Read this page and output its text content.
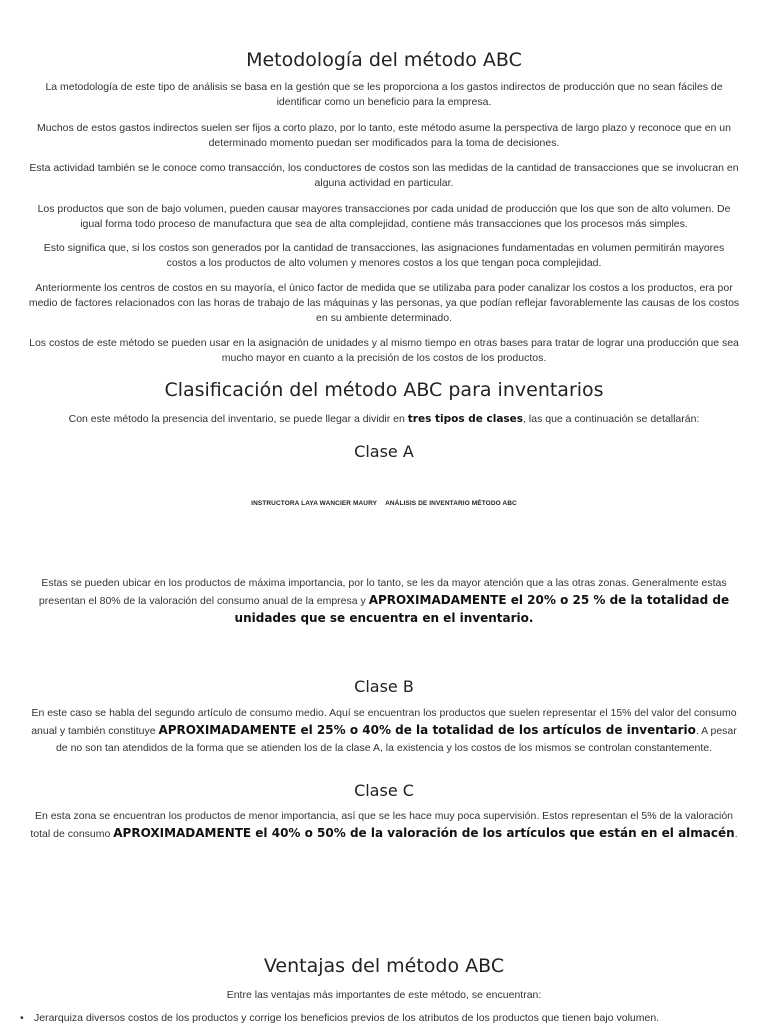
Metodología del método ABC

La metodología de este tipo de análisis se basa en la gestión que se les proporciona a los gastos indirectos de producción que no sean fáciles de identificar como un beneficio para la empresa.

Muchos de estos gastos indirectos suelen ser fijos a corto plazo, por lo tanto, este método asume la perspectiva de largo plazo y reconoce que en un determinado momento puedan ser modificados para la toma de decisiones.

Esta actividad también se le conoce como transacción, los conductores de costos son las medidas de la cantidad de transacciones que se involucran en alguna actividad en particular.

Los productos que son de bajo volumen, pueden causar mayores transacciones por cada unidad de producción que los que son de alto volumen. De igual forma todo proceso de manufactura que sea de alta complejidad, contiene más transacciones que los procesos más simples.

Esto significa que, si los costos son generados por la cantidad de transacciones, las asignaciones fundamentadas en volumen permitirán mayores costos a los productos de alto volumen y menores costos a los que tengan poca complejidad.

Anteriormente los centros de costos en su mayoría, el único factor de medida que se utilizaba para poder canalizar los costos a los productos, era por medio de factores relacionados con las horas de trabajo de las máquinas y las personas, ya que podían reflejar favorablemente las causas de los costos en su ambiente determinado.

Los costos de este método se pueden usar en la asignación de unidades y al mismo tiempo en otras bases para tratar de lograr una producción que sea mucho mayor en cuanto a la precisión de los costos de los productos.

Clasificación del método ABC para inventarios

Con este método la presencia del inventario, se puede llegar a dividir en tres tipos de clases, las que a continuación se detallarán:

Clase A
INSTRUCTORA LAYA WANCIER MAURY ANÁLISIS DE INVENTARIO MÉTODO ABC

Estas se pueden ubicar en los productos de máxima importancia, por lo tanto, se les da mayor atención que a las otras zonas. Generalmente estas presentan el 80% de la valoración del consumo anual de la empresa y APROXIMADAMENTE el 20% o 25 % de la totalidad de unidades que se encuentra en el inventario.

Clase B

En este caso se habla del segundo artículo de consumo medio. Aquí se encuentran los productos que suelen representar el 15% del valor del consumo anual y también constituye APROXIMADAMENTE el 25% o 40% de la totalidad de los artículos de inventario. A pesar de no son tan atendidos de la forma que se atienden los de la clase A, la existencia y los costos de los mismos se controlan constantemente.

Clase C

En esta zona se encuentran los productos de menor importancia, así que se les hace muy poca supervisión. Estos representan el 5% de la valoración total de consumo APROXIMADAMENTE el 40% o 50% de la valoración de los artículos que están en el almacén.

Ventajas del método ABC

Entre las ventajas más importantes de este método, se encuentran:

• Jerarquiza diversos costos de los productos y corrige los beneficios previos de los atributos de los productos que tienen bajo volumen.
